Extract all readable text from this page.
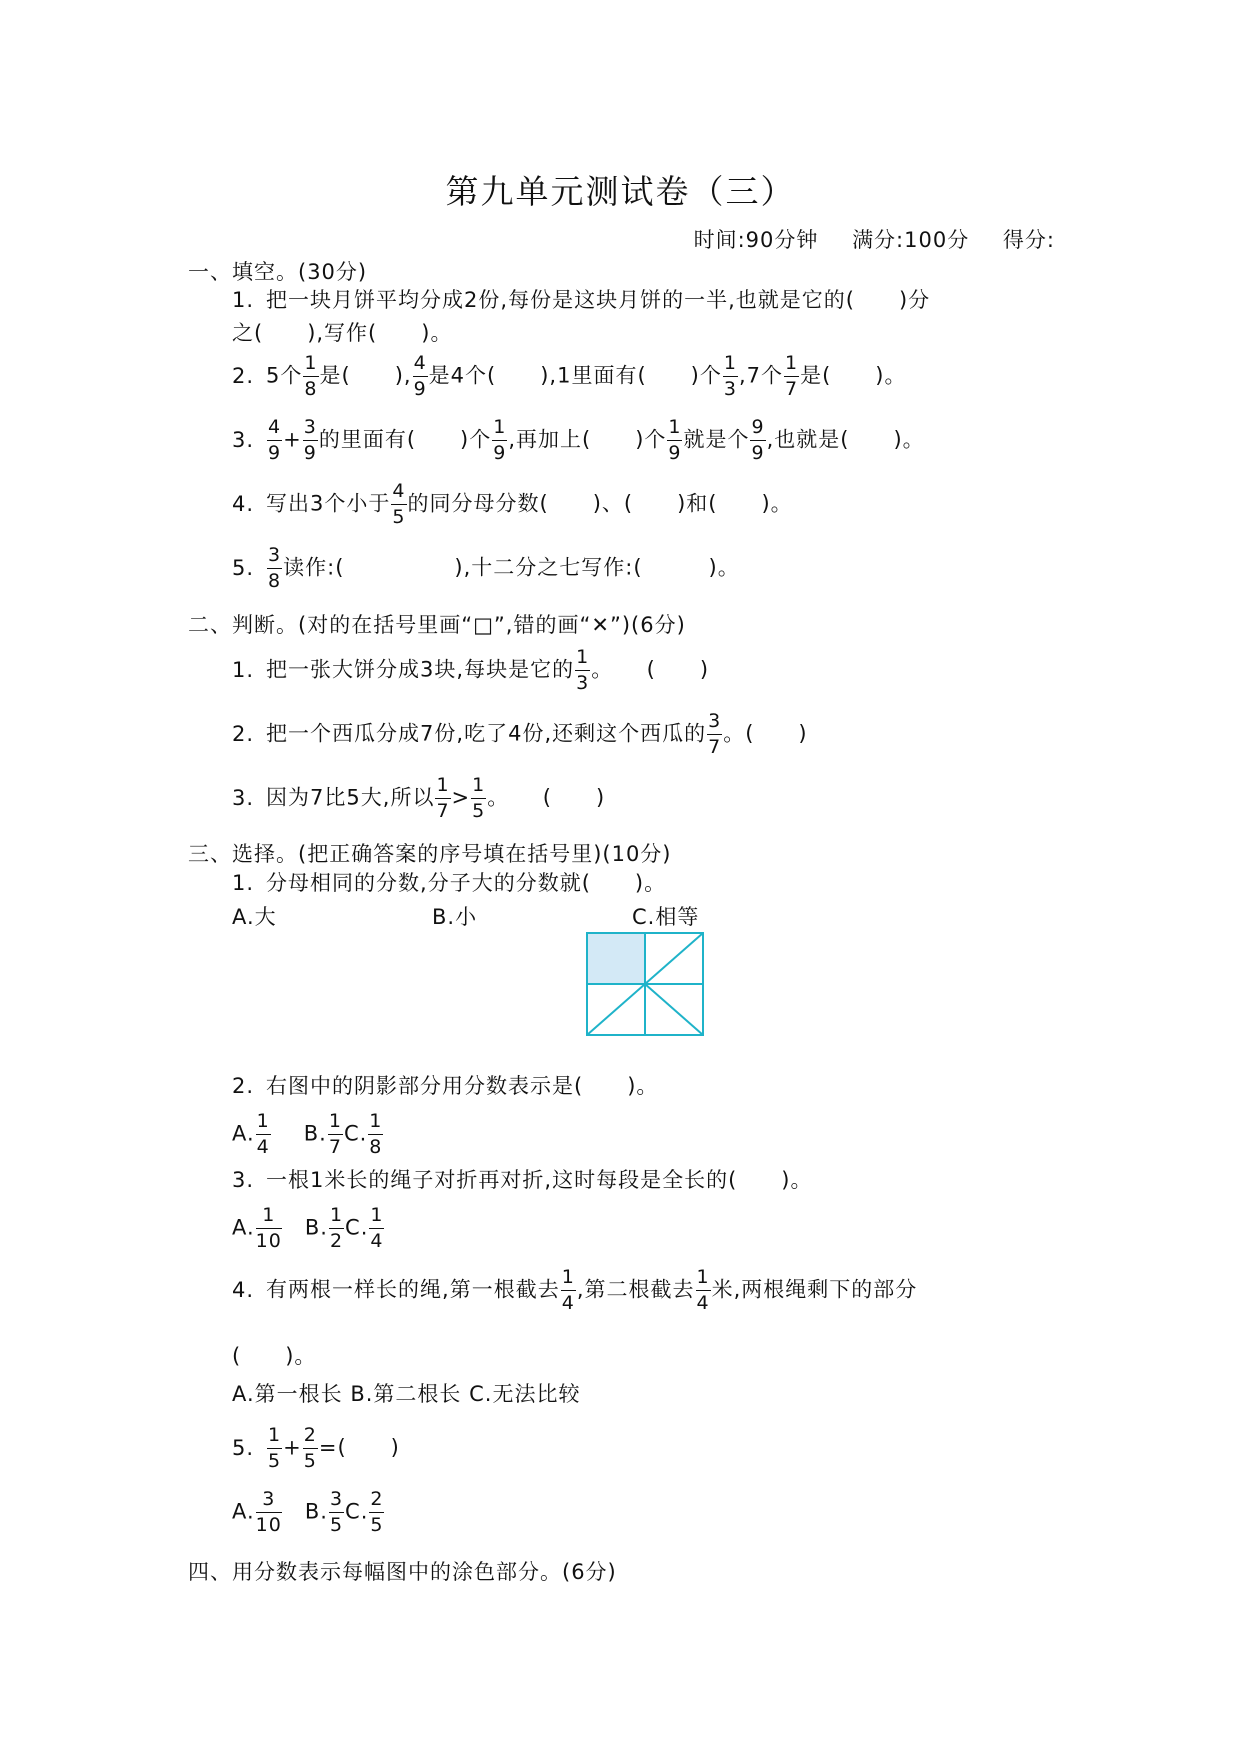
第九单元测试卷（三）
时间:90分钟 满分:100分 得分:
一、填空。(30分)
1. 把一块月饼平均分成2份,每份是这块月饼的一半,也就是它的(　　)分
之(　　),写作(　　)。
2. 5个 $\frac{1}{8}$ 是(　　), $\frac{4}{9}$ 是4个(　　),1里面有(　　)个 $\frac{1}{3} ,7$个 $\frac{1}{7}$ 是(　　)。
3. $\frac{4}{9} + \frac{3}{9}$ 的里面有(　　)个 $\frac{1}{9}$ ,再加上(　　)个 $\frac{1}{9}$ 就是个 $\frac{9}{9}$ ,也就是(　　)。
4. 写出3个小于 $\frac{4}{5}$ 的同分母分数(　　)、(　　)和(　　)。
5. $\frac{3}{8}$ 读作:(　　　　　),十二分之七写作:(　　　)。
二、判断。(对的在括号里画“□”,错的画“✕”)(6分)
1. 把一张大饼分成3块,每块是它的 $\frac{1}{3}$ 。　　(　　)
2. 把一个西瓜分成7份,吃了4份,还剩这个西瓜的 $\frac{3}{7}$ 。(　　)
3. 因为7比5大,所以 $\frac{1}{7} > \frac{1}{5}$ 。　　(　　)
三、选择。(把正确答案的序号填在括号里)(10分)
1. 分母相同的分数,分子大的分数就(　　)。
A.大	B.小	C.相等
2. 右图中的阴影部分用分数表示是(　　)。
A. $\frac{1}{4} B$. $\frac{1}{7} C$. $\frac{1}{8}$
3. 一根1米长的绳子对折再对折,这时每段是全长的(　　)。
A. $\frac{1}{10} B$. $\frac{1}{2} C$. $\frac{1}{4}$
4. 有两根一样长的绳,第一根截去 $\frac{1}{4}$ ,第二根截去 $\frac{1}{4}$ 米,两根绳剩下的部分
(　　)。
A.第一根长 B.第二根长 C.无法比较
5. $\frac{1}{5} + \frac{2}{5}$ =(　　)
A. $\frac{3}{10} B$. $\frac{3}{5} C$. $\frac{2}{5}$
四、用分数表示每幅图中的涂色部分。(6分)
